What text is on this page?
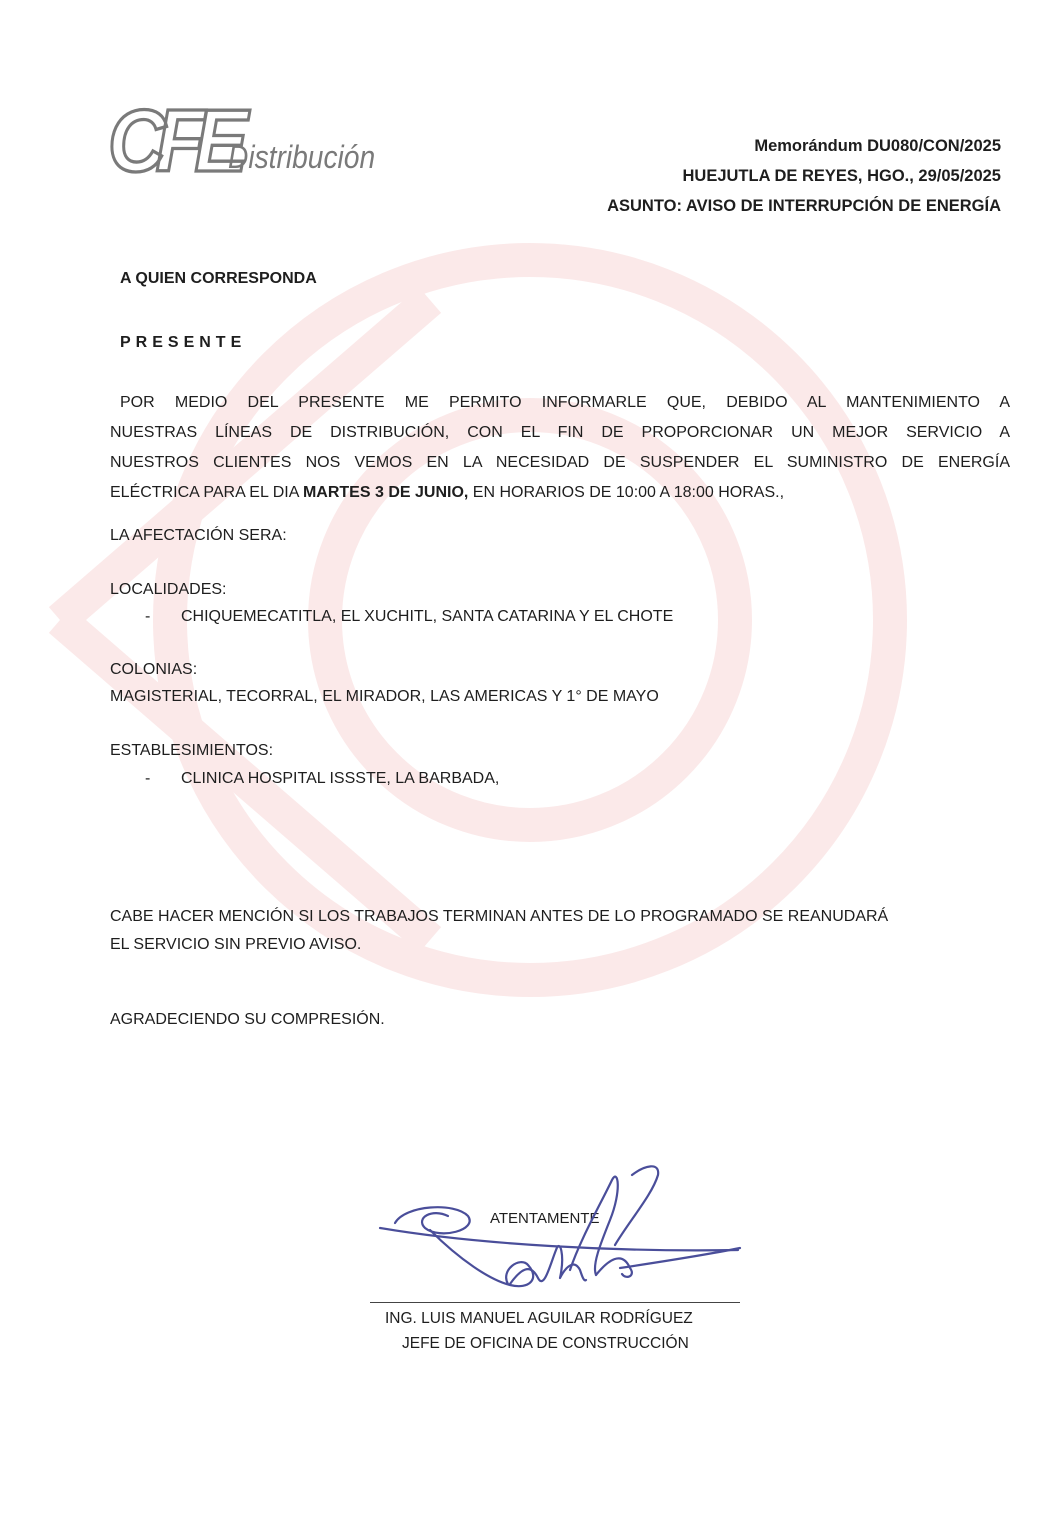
CFE
Distribución	Memorándum DU080/CON/2025
HUEJUTLA DE REYES, HGO., 29/05/2025
ASUNTO: AVISO DE INTERRUPCIÓN DE ENERGÍA
A QUIEN CORRESPONDA
PRESENTE
POR MEDIO DEL PRESENTE ME PERMITO INFORMARLE QUE, DEBIDO AL MANTENIMIENTO A
NUESTRAS LÍNEAS DE DISTRIBUCIÓN, CON EL FIN DE PROPORCIONAR UN MEJOR SERVICIO A
NUESTROS CLIENTES NOS VEMOS EN LA NECESIDAD DE SUSPENDER EL SUMINISTRO DE ENERGÍA
ELÉCTRICA PARA EL DIA MARTES 3 DE JUNIO, EN HORARIOS DE 10:00 A 18:00 HORAS.,
LA AFECTACIÓN SERA:
LOCALIDADES:
- CHIQUEMECATITLA, EL XUCHITL, SANTA CATARINA Y EL CHOTE
COLONIAS:
MAGISTERIAL, TECORRAL, EL MIRADOR, LAS AMERICAS Y 1° DE MAYO
ESTABLESIMIENTOS:
- CLINICA HOSPITAL ISSSTE, LA BARBADA,
CABE HACER MENCIÓN SI LOS TRABAJOS TERMINAN ANTES DE LO PROGRAMADO SE REANUDARÁ
EL SERVICIO SIN PREVIO AVISO.
AGRADECIENDO SU COMPRESIÓN.
ATENTAMENTE
ING. LUIS MANUEL AGUILAR RODRÍGUEZ
JEFE DE OFICINA DE CONSTRUCCIÓN
